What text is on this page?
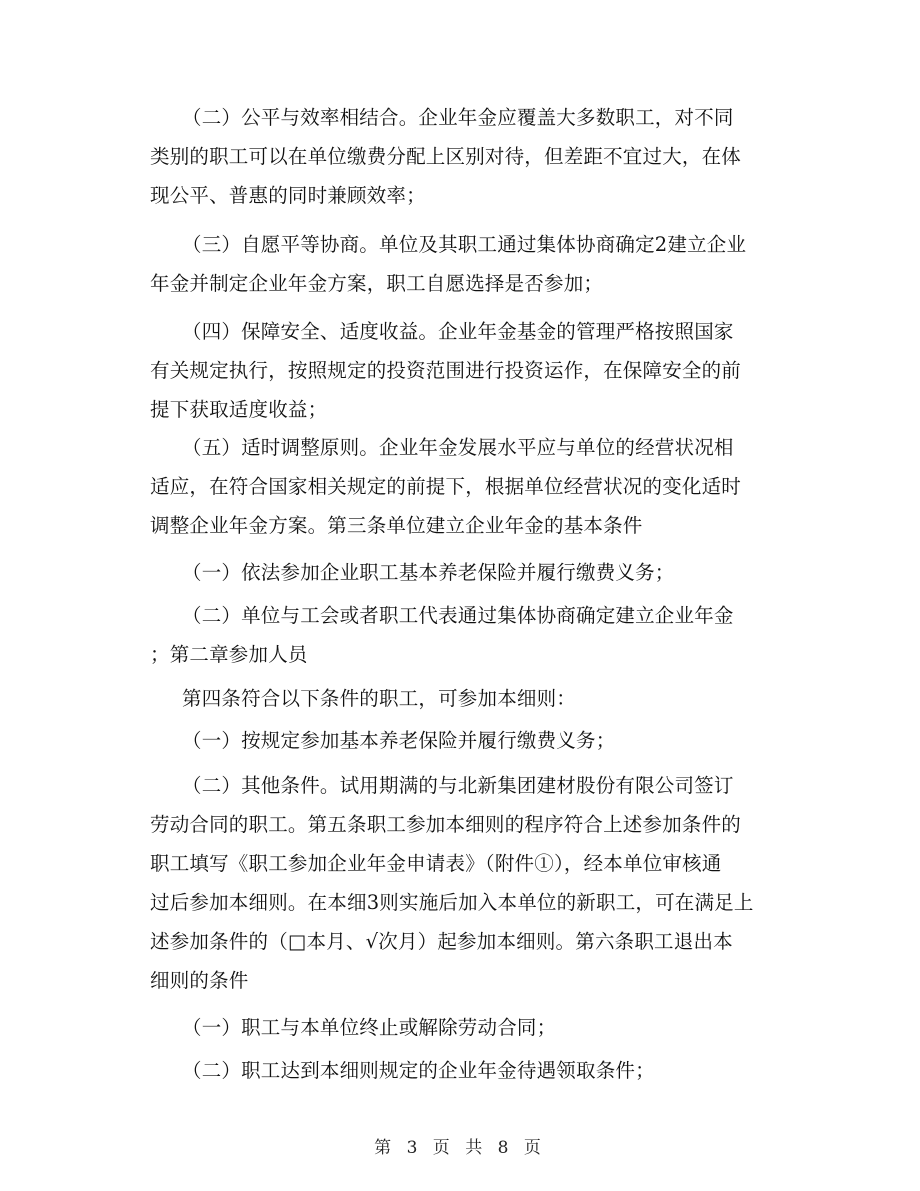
（二）公平与效率相结合。企业年金应覆盖大多数职工，对不同
类别的职工可以在单位缴费分配上区别对待，但差距不宜过大，在体
现公平、普惠的同时兼顾效率；
（三）自愿平等协商。单位及其职工通过集体协商确定2建立企业
年金并制定企业年金方案，职工自愿选择是否参加；
（四）保障安全、适度收益。企业年金基金的管理严格按照国家
有关规定执行，按照规定的投资范围进行投资运作，在保障安全的前
提下获取适度收益；
（五）适时调整原则。企业年金发展水平应与单位的经营状况相
适应，在符合国家相关规定的前提下，根据单位经营状况的变化适时
调整企业年金方案。第三条单位建立企业年金的基本条件
（一）依法参加企业职工基本养老保险并履行缴费义务；
（二）单位与工会或者职工代表通过集体协商确定建立企业年金
；第二章参加人员
第四条符合以下条件的职工，可参加本细则：
（一）按规定参加基本养老保险并履行缴费义务；
（二）其他条件。试用期满的与北新集团建材股份有限公司签订
劳动合同的职工。第五条职工参加本细则的程序符合上述参加条件的
职工填写《职工参加企业年金申请表》（附件①），经本单位审核通
过后参加本细则。在本细3则实施后加入本单位的新职工，可在满足上
述参加条件的（□本月、√次月）起参加本细则。第六条职工退出本
细则的条件
（一）职工与本单位终止或解除劳动合同；
（二）职工达到本细则规定的企业年金待遇领取条件；
第 3 页 共 8 页
